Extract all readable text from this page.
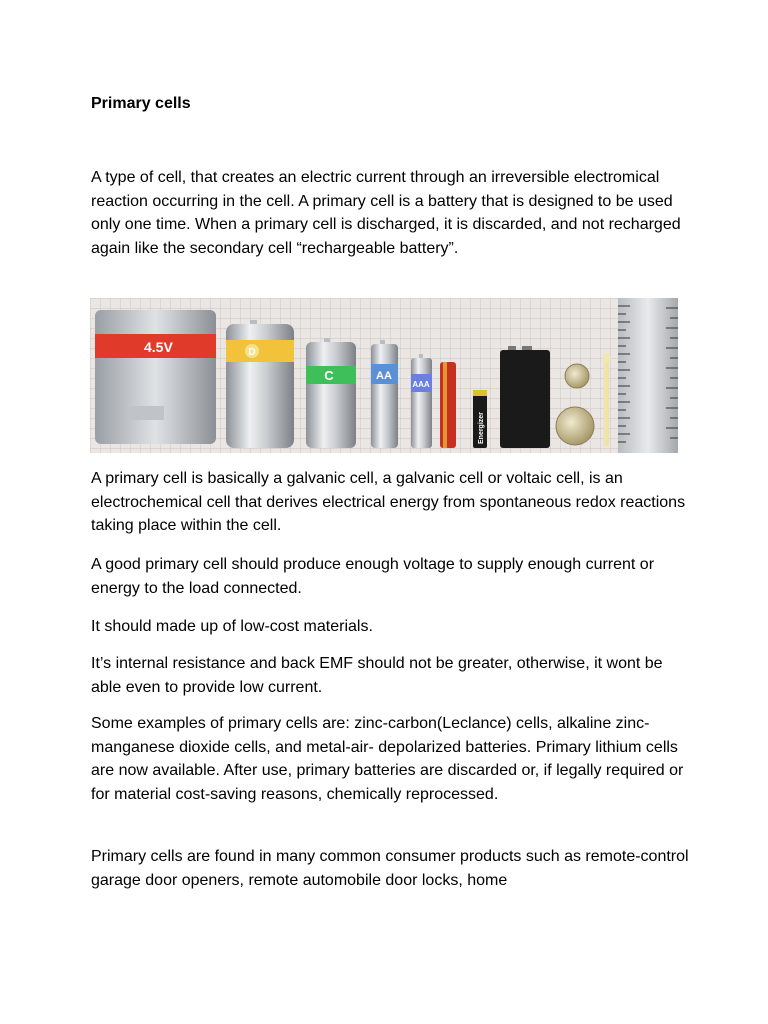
Primary cells

A type of cell, that creates an electric current through an irreversible electromical reaction occurring in the cell. A primary cell is a battery that is designed to be used only one time. When a primary cell is discharged, it is discarded, and not recharged again like the secondary cell “rechargeable battery”.

4.5V	D
C	AA
AAA
Energizer

A primary cell is basically a galvanic cell, a galvanic cell or voltaic cell, is an electrochemical cell that derives electrical energy from spontaneous redox reactions taking place within the cell.

A good primary cell should produce enough voltage to supply enough current or energy to the load connected.

It should made up of low-cost materials.

It’s internal resistance and back EMF should not be greater, otherwise, it wont be able even to provide low current.

Some examples of primary cells are: zinc-carbon(Leclance) cells, alkaline zinc-manganese dioxide cells, and metal-air- depolarized batteries. Primary lithium cells are now available. After use, primary batteries are discarded or, if legally required or for material cost-saving reasons, chemically reprocessed.

Primary cells are found in many common consumer products such as remote-control garage door openers, remote automobile door locks, home
